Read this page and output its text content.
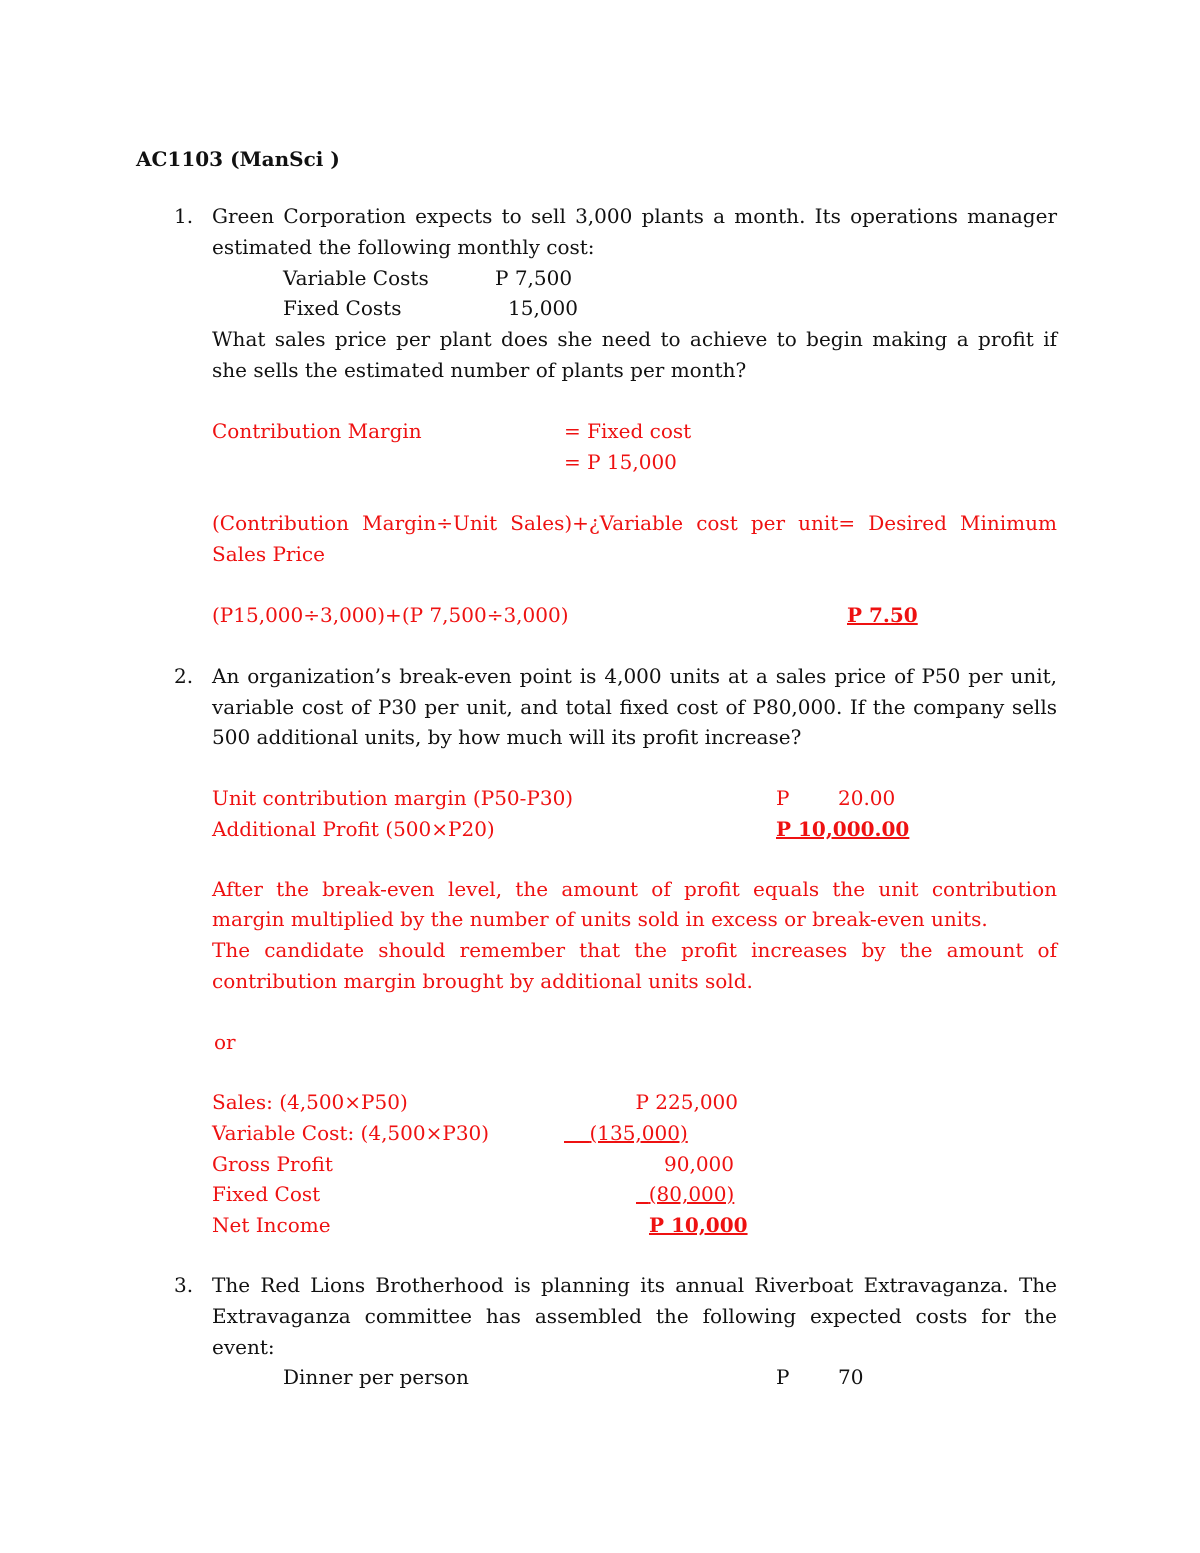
AC1103 (ManSci )
1. Green Corporation expects to sell 3,000 plants a month. Its operations manager
estimated the following monthly cost:
Variable Costs	P 7,500
Fixed Costs	15,000
What sales price per plant does she need to achieve to begin making a profit if
she sells the estimated number of plants per month?
Contribution Margin	= Fixed cost
= P 15,000
(Contribution Margin÷Unit Sales)+¿Variable cost per unit= Desired Minimum
Sales Price
(P15,000÷3,000)+(P 7,500÷3,000)	P 7.50
2. An organization’s break-even point is 4,000 units at a sales price of P50 per unit,
variable cost of P30 per unit, and total fixed cost of P80,000. If the company sells
500 additional units, by how much will its profit increase?
Unit contribution margin (P50-P30)	P 20.00
Additional Profit (500×P20)	P 10,000.00
After the break-even level, the amount of profit equals the unit contribution
margin multiplied by the number of units sold in excess or break-even units.
The candidate should remember that the profit increases by the amount of
contribution margin brought by additional units sold.
or
Sales: (4,500×P50)	P 225,000
Variable Cost: (4,500×P30)	(135,000)
Gross Profit	90,000
Fixed Cost	(80,000)
Net Income	P 10,000
3. The Red Lions Brotherhood is planning its annual Riverboat Extravaganza. The
Extravaganza committee has assembled the following expected costs for the
event:
Dinner per person	P 70
